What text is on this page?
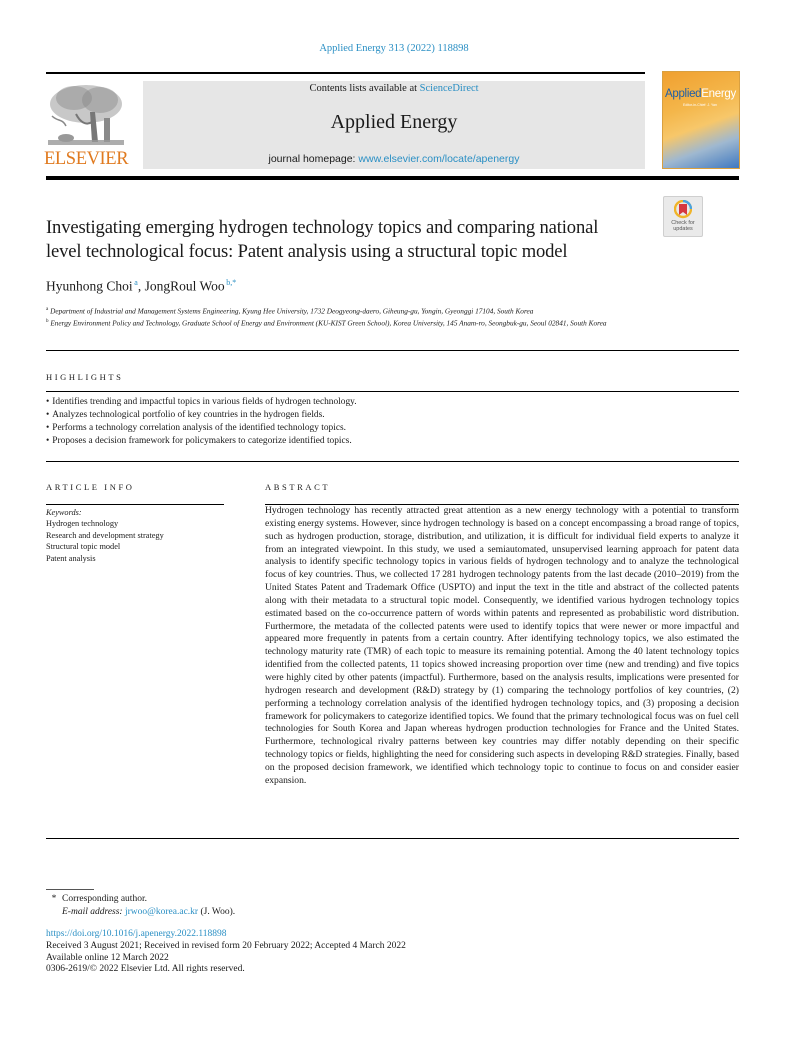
Applied Energy 313 (2022) 118898
ELSEVIER
Contents lists available at ScienceDirect
Applied Energy
journal homepage: www.elsevier.com/locate/apenergy
AppliedEnergy
Editor-in-Chief: J. Yan
Check for
updates
Investigating emerging hydrogen technology topics and comparing national
level technological focus: Patent analysis using a structural topic model
Hyunhong Choi  $^a$, JongRoul Woo  $^{b,*}$
$^a$ Department of Industrial and Management Systems Engineering, Kyung Hee University, 1732 Deogyeong-daero, Giheung-gu, Yongin, Gyeonggi 17104, South Korea
$^b$ Energy Environment Policy and Technology, Graduate School of Energy and Environment (KU-KIST Green School), Korea University, 145 Anam-ro, Seongbuk-gu, Seoul 02841, South Korea
HIGHLIGHTS
• Identifies trending and impactful topics in various fields of hydrogen technology.
• Analyzes technological portfolio of key countries in the hydrogen fields.
• Performs a technology correlation analysis of the identified technology topics.
• Proposes a decision framework for policymakers to categorize identified topics.
ARTICLE INFO
Keywords:
Hydrogen technology
Research and development strategy
Structural topic model
Patent analysis
ABSTRACT
Hydrogen technology has recently attracted great attention as a new energy technology with a potential to transform existing energy systems. However, since hydrogen technology is based on a concept encompassing a broad range of topics, such as hydrogen production, storage, distribution, and utilization, it is difficult for individual field experts to analyze it from an integrated viewpoint. In this study, we used a semiautomated, unsupervised learning approach for patent data analysis to identify specific technology topics in various fields of hydrogen technology and to analyze the technological focus of key countries. Thus, we collected 17 281 hydrogen technology patents from the last decade (2010–2019) from the United States Patent and Trademark Office (USPTO) and input the text in the title and abstract of the collected patents along with their metadata to a structural topic model. Consequently, we identified various hydrogen technology topics estimated based on the co-occurrence pattern of words within patents and represented as probabilistic word distribution. Furthermore, the metadata of the collected patents were used to identify topics that were newer or more impactful and appeared more frequently in patents from a certain country. After identifying technology topics, we also estimated the technology maturity rate (TMR) of each topic to measure its remaining potential. Among the 40 latent technology topics identified from the collected patents, 11 topics showed increasing proportion over time (new and trending) and five topics were highly cited by other patents (impactful). Furthermore, based on the analysis results, implications were presented for hydrogen research and development (R&D) strategy by (1) comparing the technology portfolios of key countries, (2) performing a technology correlation analysis of the identified hydrogen technology topics, and (3) proposing a decision framework for policymakers to categorize identified topics. We found that the primary technological focus was on fuel cell technologies for South Korea and Japan whereas hydrogen production technologies for France and the United States. Furthermore, technological rivalry patterns between key countries may differ notably depending on their specific technology topics or fields, highlighting the need for considering such aspects in developing R&D strategies. Finally, based on the proposed decision framework, we identified which technology topic to continue to focus on and consider easier expansion.
* Corresponding author.
E-mail address: jrwoo@korea.ac.kr (J. Woo).
https://doi.org/10.1016/j.apenergy.2022.118898
Received 3 August 2021; Received in revised form 20 February 2022; Accepted 4 March 2022
Available online 12 March 2022
0306-2619/© 2022 Elsevier Ltd. All rights reserved.
